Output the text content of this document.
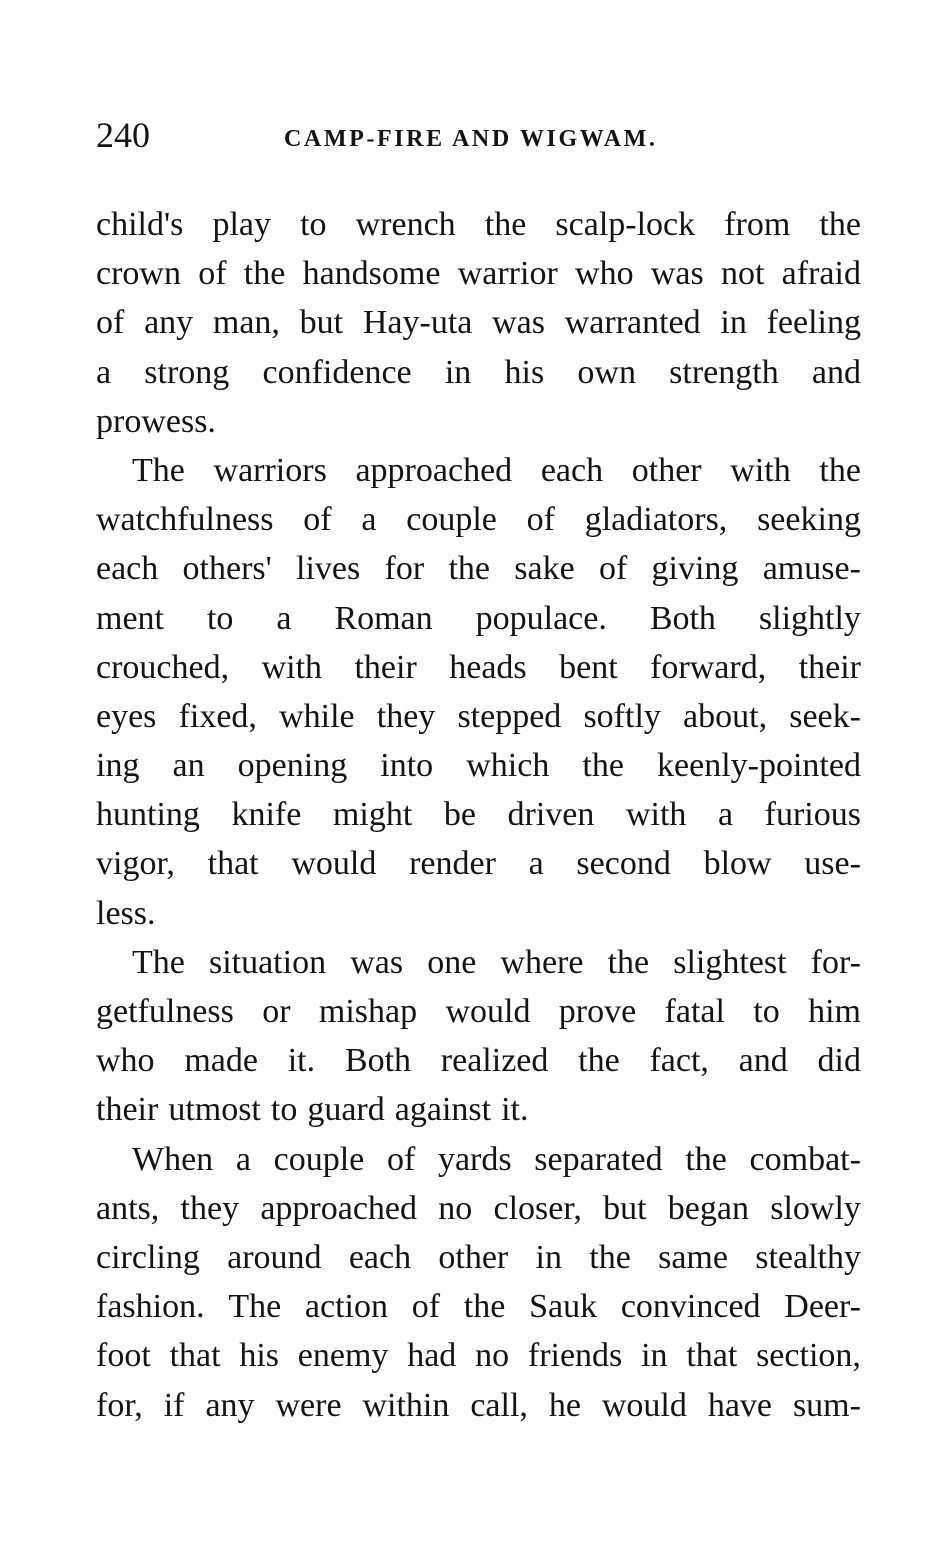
240	CAMP-FIRE AND WIGWAM.
child's play to wrench the scalp-lock from the
crown of the handsome warrior who was not afraid
of any man, but Hay-uta was warranted in feeling
a strong confidence in his own strength and
prowess.
The warriors approached each other with the
watchfulness of a couple of gladiators, seeking
each others' lives for the sake of giving amuse-
ment to a Roman populace. Both slightly
crouched, with their heads bent forward, their
eyes fixed, while they stepped softly about, seek-
ing an opening into which the keenly-pointed
hunting knife might be driven with a furious
vigor, that would render a second blow use-
less.
The situation was one where the slightest for-
getfulness or mishap would prove fatal to him
who made it. Both realized the fact, and did
their utmost to guard against it.
When a couple of yards separated the combat-
ants, they approached no closer, but began slowly
circling around each other in the same stealthy
fashion. The action of the Sauk convinced Deer-
foot that his enemy had no friends in that section,
for, if any were within call, he would have sum-
